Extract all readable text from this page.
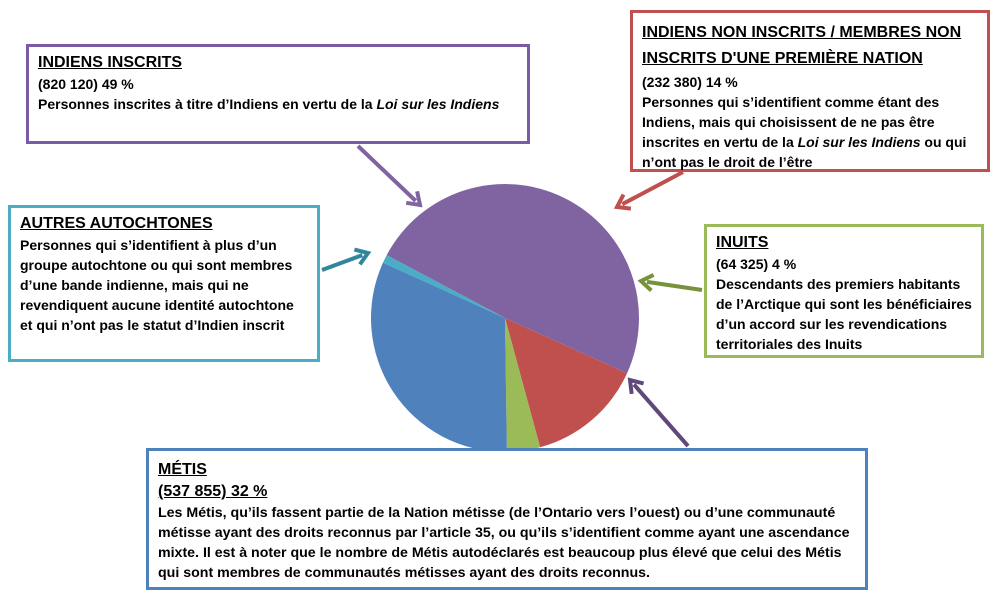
INDIENS INSCRITS

(820 120) 49 %

Personnes inscrites à titre d’Indiens en vertu de la Loi sur les Indiens

INDIENS NON INSCRITS / MEMBRES NON INSCRITS D'UNE PREMIÈRE NATION

(232 380) 14 %

Personnes qui s’identifient comme étant des Indiens, mais qui choisissent de ne pas être inscrites en vertu de la Loi sur les Indiens ou qui n’ont pas le droit de l’être

AUTRES AUTOCHTONES

Personnes qui s’identifient à plus d’un groupe autochtone ou qui sont membres d’une bande indienne, mais qui ne revendiquent aucune identité autochtone et qui n’ont pas le statut d’Indien inscrit

INUITS

(64 325) 4 %

Descendants des premiers habitants de l’Arctique qui sont les bénéficiaires d’un accord sur les revendications territoriales des Inuits

MÉTIS
(537 855) 32 %

Les Métis, qu’ils fassent partie de la Nation métisse (de l’Ontario vers l’ouest) ou d’une communauté métisse ayant des droits reconnus par l’article 35, ou qu’ils s’identifient comme ayant une ascendance mixte. Il est à noter que le nombre de Métis autodéclarés est beaucoup plus élevé que celui des Métis qui sont membres de communautés métisses ayant des droits reconnus.
